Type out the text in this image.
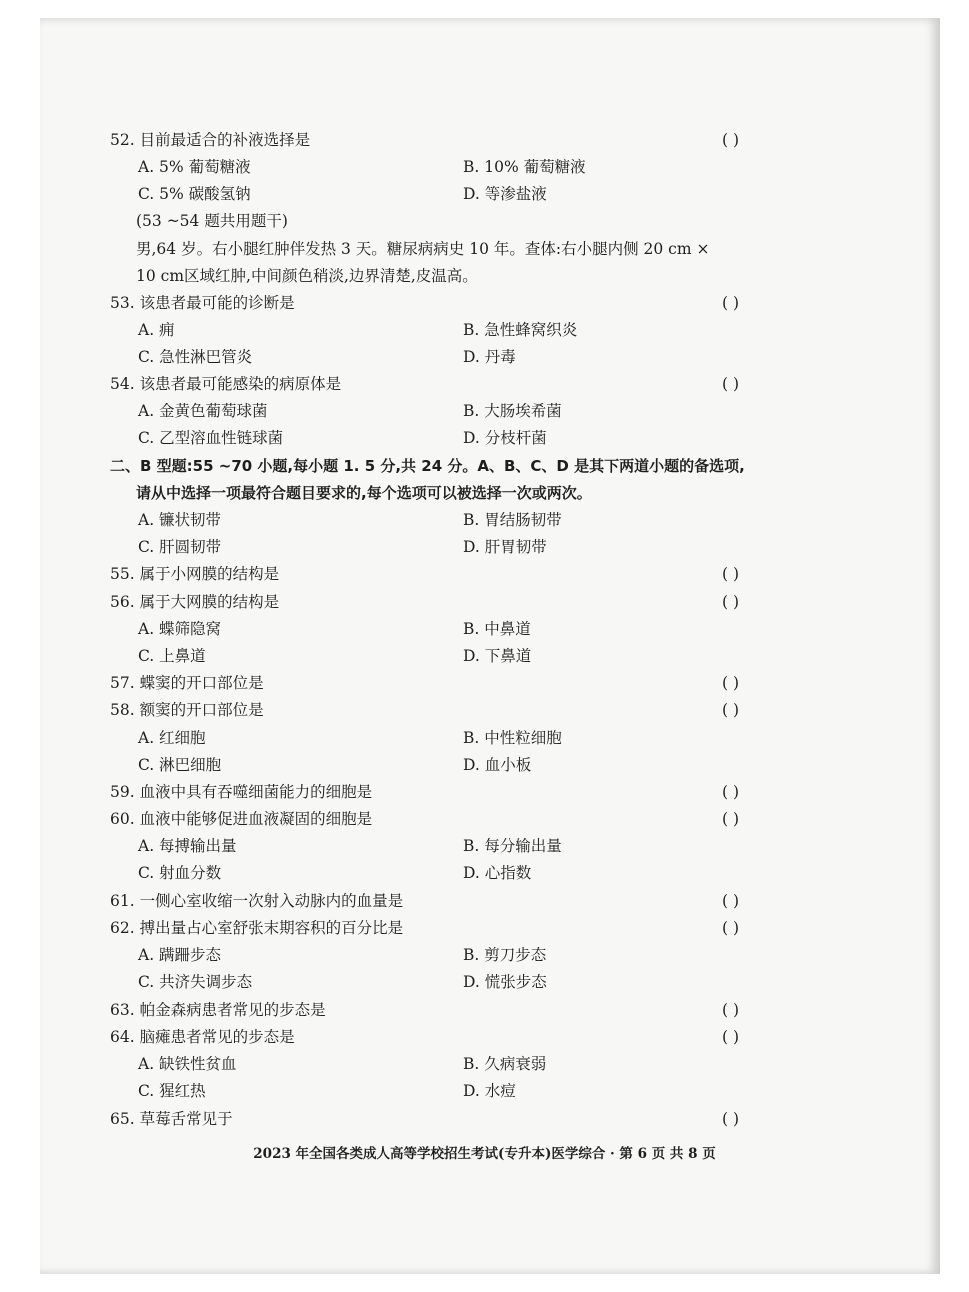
52. 目前最适合的补液选择是	( )
A. 5% 葡萄糖液	B. 10% 葡萄糖液
C. 5% 碳酸氢钠	D. 等渗盐液
(53 ~54 题共用题干)
男,64 岁。右小腿红肿伴发热 3 天。糖尿病病史 10 年。查体:右小腿内侧 20 cm ×
10 cm区域红肿,中间颜色稍淡,边界清楚,皮温高。
53. 该患者最可能的诊断是	( )
A. 痈	B. 急性蜂窝织炎
C. 急性淋巴管炎	D. 丹毒
54. 该患者最可能感染的病原体是	( )
A. 金黄色葡萄球菌	B. 大肠埃希菌
C. 乙型溶血性链球菌	D. 分枝杆菌
二、B 型题:55 ~70 小题,每小题 1. 5 分,共 24 分。A、B、C、D 是其下两道小题的备选项,
请从中选择一项最符合题目要求的,每个选项可以被选择一次或两次。
A. 镰状韧带	B. 胃结肠韧带
C. 肝圆韧带	D. 肝胃韧带
55. 属于小网膜的结构是	( )
56. 属于大网膜的结构是	( )
A. 蝶筛隐窝	B. 中鼻道
C. 上鼻道	D. 下鼻道
57. 蝶窦的开口部位是	( )
58. 额窦的开口部位是	( )
A. 红细胞	B. 中性粒细胞
C. 淋巴细胞	D. 血小板
59. 血液中具有吞噬细菌能力的细胞是	( )
60. 血液中能够促进血液凝固的细胞是	( )
A. 每搏输出量	B. 每分输出量
C. 射血分数	D. 心指数
61. 一侧心室收缩一次射入动脉内的血量是	( )
62. 搏出量占心室舒张末期容积的百分比是	( )
A. 蹒跚步态	B. 剪刀步态
C. 共济失调步态	D. 慌张步态
63. 帕金森病患者常见的步态是	( )
64. 脑瘫患者常见的步态是	( )
A. 缺铁性贫血	B. 久病衰弱
C. 猩红热	D. 水痘
65. 草莓舌常见于	( )
2023 年全国各类成人高等学校招生考试(专升本)医学综合 · 第 6 页 共 8 页
